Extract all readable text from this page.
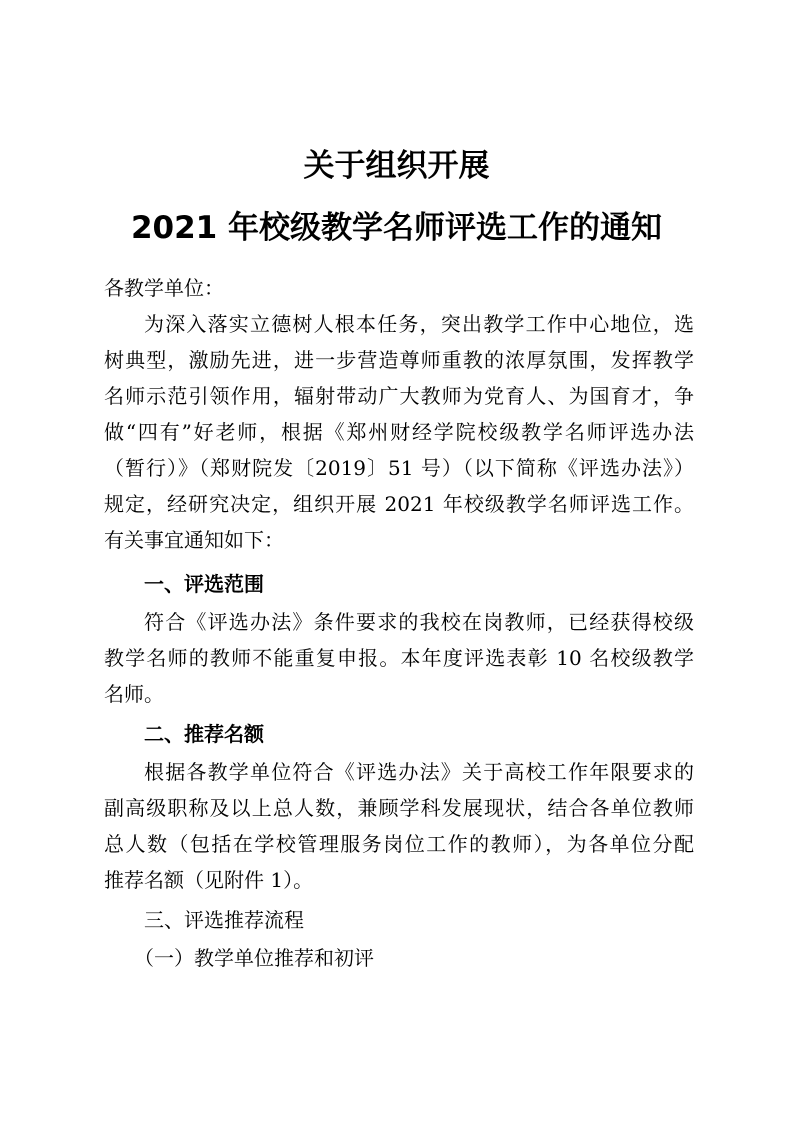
关于组织开展
2021 年校级教学名师评选工作的通知
各教学单位：
为深入落实立德树人根本任务，突出教学工作中心地位，选
树典型，激励先进，进一步营造尊师重教的浓厚氛围，发挥教学
名师示范引领作用，辐射带动广大教师为党育人、为国育才，争
做“四有”好老师，根据《郑州财经学院校级教学名师评选办法
（暂行）》（郑财院发〔2019〕51 号）（以下简称《评选办法》）
规定，经研究决定，组织开展 2021 年校级教学名师评选工作。
有关事宜通知如下：
一、评选范围
符合《评选办法》条件要求的我校在岗教师，已经获得校级
教学名师的教师不能重复申报。本年度评选表彰 10 名校级教学
名师。
二、推荐名额
根据各教学单位符合《评选办法》关于高校工作年限要求的
副高级职称及以上总人数，兼顾学科发展现状，结合各单位教师
总人数（包括在学校管理服务岗位工作的教师），为各单位分配
推荐名额（见附件 1）。
三、评选推荐流程
（一）教学单位推荐和初评
